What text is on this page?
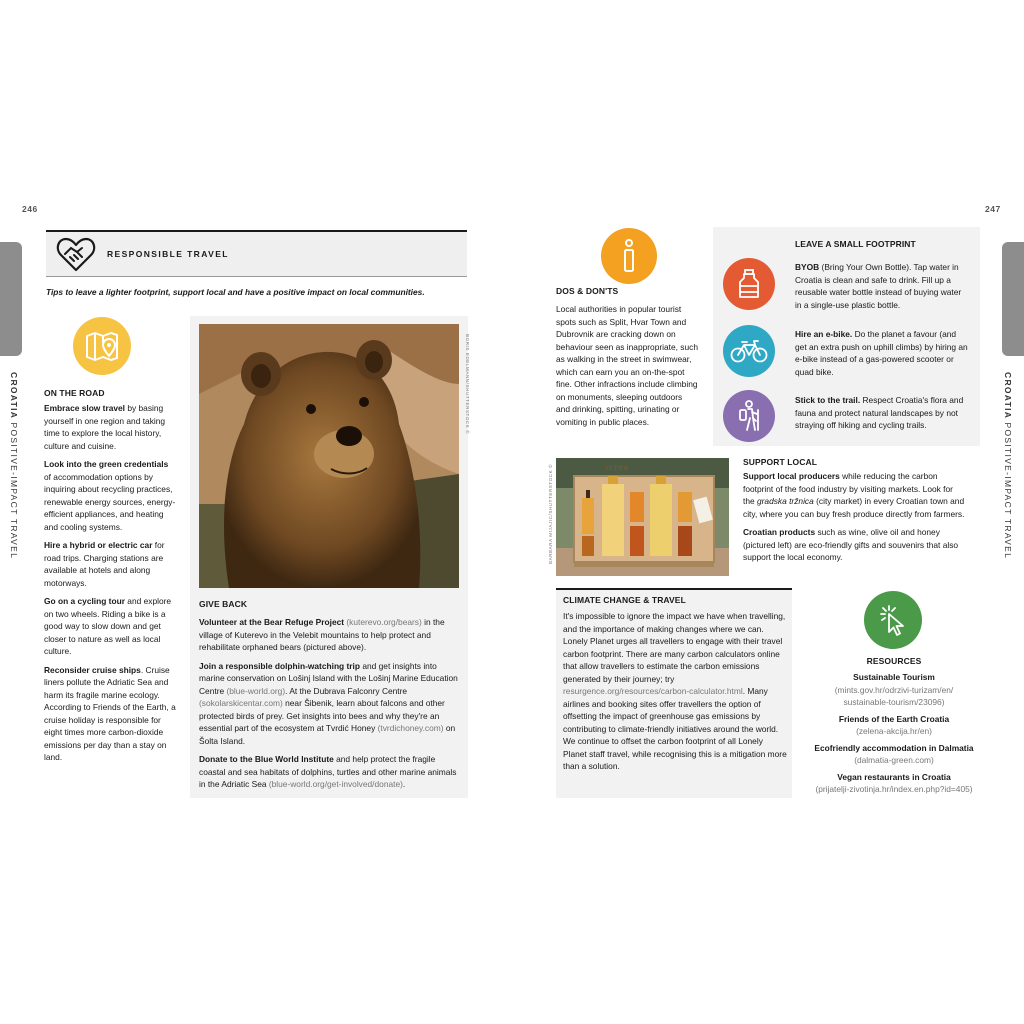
246
CROATIA POSITIVE-IMPACT TRAVEL
RESPONSIBLE TRAVEL
Tips to leave a lighter footprint, support local and have a positive impact on local communities.
ON THE ROAD

Embrace slow travel by basing yourself in one region and taking time to explore the local history, culture and cuisine.

Look into the green credentials of accommodation options by inquiring about recycling practices, renewable energy sources, energy-efficient appliances, and heating and cooling systems.

Hire a hybrid or electric car for road trips. Charging stations are available at hotels and along motorways.

Go on a cycling tour and explore on two wheels. Riding a bike is a good way to slow down and get closer to nature as well as local culture.

Reconsider cruise ships. Cruise liners pollute the Adriatic Sea and harm its fragile marine ecology. According to Friends of the Earth, a cruise holiday is responsible for eight times more carbon-dioxide emissions per day than a stay on land.

BORIS EDELMANN/SHUTTERSTOCK ©
GIVE BACK

Volunteer at the Bear Refuge Project (kuterevo.org/bears) in the village of Kuterevo in the Velebit mountains to help protect and rehabilitate orphaned bears (pictured above).

Join a responsible dolphin-watching trip and get insights into marine conservation on Lošinj Island with the Lošinj Marine Education Centre (blue-world.org). At the Dubrava Falconry Centre (sokolarskicentar.com) near Šibenik, learn about falcons and other protected birds of prey. Get insights into bees and why they're an essential part of the ecosystem at Tvrdić Honey (tvrdichoney.com) on Šolta Island.

Donate to the Blue World Institute and help protect the fragile coastal and sea habitats of dolphins, turtles and other marine animals in the Adriatic Sea (blue-world.org/get-involved/donate).

247
CROATIA POSITIVE-IMPACT TRAVEL
DOS & DON'TS
Local authorities in popular tourist spots such as Split, Hvar Town and Dubrovnik are cracking down on behaviour seen as inappropriate, such as walking in the street in swimwear, which can earn you an on-the-spot fine. Other infractions include climbing on monuments, sleeping outdoors and drinking, spitting, urinating or vomiting in public places.
LEAVE A SMALL FOOTPRINT
BYOB (Bring Your Own Bottle). Tap water in Croatia is clean and safe to drink. Fill up a reusable water bottle instead of buying water in a single-use plastic bottle.
Hire an e-bike. Do the planet a favour (and get an extra push on uphill climbs) by hiring an e-bike instead of a gas-powered scooter or quad bike.
Stick to the trail. Respect Croatia's flora and fauna and protect natural landscapes by not straying off hiking and cycling trails.
ISTRA
BARBARA MIJAJIC/SHUTTERSTOCK ©
SUPPORT LOCAL

Support local producers while reducing the carbon footprint of the food industry by visiting markets. Look for the gradska tržnica (city market) in every Croatian town and city, where you can buy fresh produce directly from farmers.

Croatian products such as wine, olive oil and honey (pictured left) are eco-friendly gifts and souvenirs that also support the local economy.

CLIMATE CHANGE & TRAVEL
It's impossible to ignore the impact we have when travelling, and the importance of making changes where we can. Lonely Planet urges all travellers to engage with their travel carbon footprint. There are many carbon calculators online that allow travellers to estimate the carbon emissions generated by their journey; try resurgence.org/resources/carbon-calculator.html. Many airlines and booking sites offer travellers the option of offsetting the impact of greenhouse gas emissions by contributing to climate-friendly initiatives around the world. We continue to offset the carbon footprint of all Lonely Planet staff travel, while recognising this is a mitigation more than a solution.
RESOURCES

Sustainable Tourism
(mints.gov.hr/odrzivi-turizam/en/ sustainable-tourism/23096)

Friends of the Earth Croatia
(zelena-akcija.hr/en)

Ecofriendly accommodation in Dalmatia
(dalmatia-green.com)

Vegan restaurants in Croatia
(prijatelji-zivotinja.hr/index.en.php?id=405)
